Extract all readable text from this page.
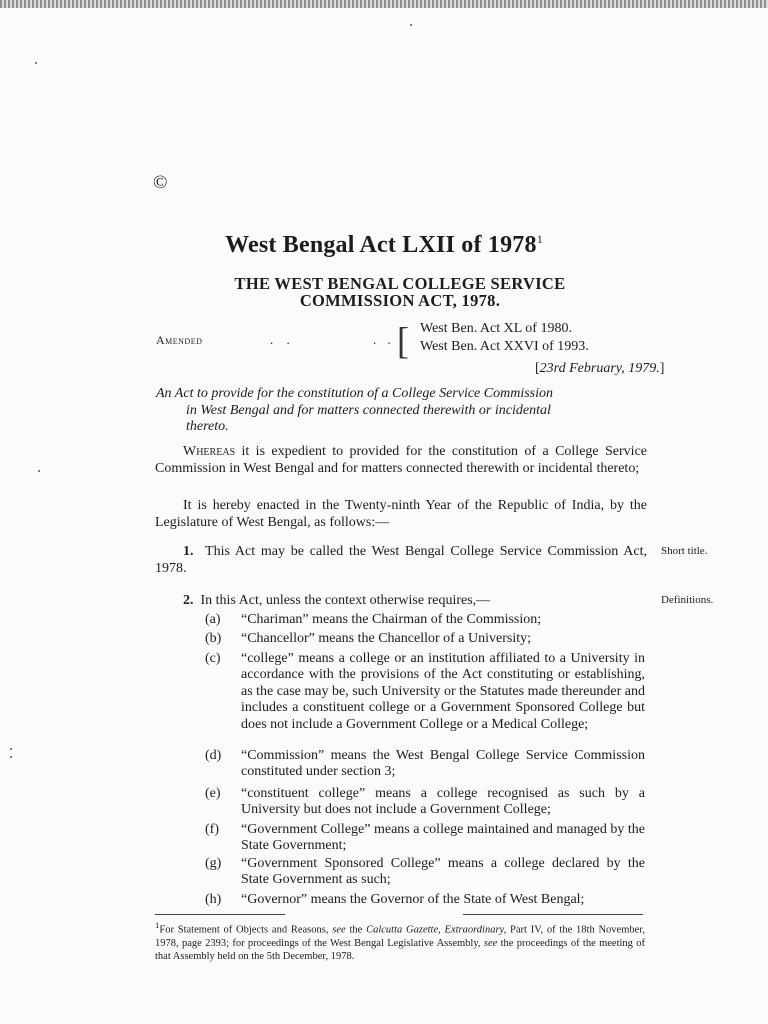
©
West Bengal Act LXII of 1978$^1$
THE WEST BENGAL COLLEGE SERVICE
COMMISSION ACT, 1978.
Amended	. .	. . [ West Ben. Act XL of 1980.
West Ben. Act XXVI of 1993.
[23rd February, 1979.]
An Act to provide for the constitution of a College Service Commission
in West Bengal and for matters connected therewith or incidental
thereto.
Whereas it is expedient to provided for the constitution of a College Service Commission in West Bengal and for matters connected therewith or incidental thereto;
It is hereby enacted in the Twenty-ninth Year of the Republic of India, by the Legislature of West Bengal, as follows:—
1. This Act may be called the West Bengal College Service Commission Act, 1978.
Short title.
2. In this Act, unless the context otherwise requires,—	Definitions.
(a) “Chariman” means the Chairman of the Commission;
(b) “Chancellor” means the Chancellor of a University;
(c) “college” means a college or an institution affiliated to a University in accordance with the provisions of the Act constituting or establishing, as the case may be, such University or the Statutes made thereunder and includes a constituent college or a Government Sponsored College but does not include a Government College or a Medical College;
(d) “Commission” means the West Bengal College Service Commission constituted under section 3;
(e) “constituent college” means a college recognised as such by a University but does not include a Government College;
(f) “Government College” means a college maintained and managed by the State Government;
(g) “Government Sponsored College” means a college declared by the State Government as such;
(h) “Governor” means the Governor of the State of West Bengal;
$^1$For Statement of Objects and Reasons, see the Calcutta Gazette, Extraordinary, Part IV, of the 18th November, 1978, page 2393; for proceedings of the West Bengal Legislative Assembly, see the proceedings of the meeting of that Assembly held on the 5th December, 1978.
